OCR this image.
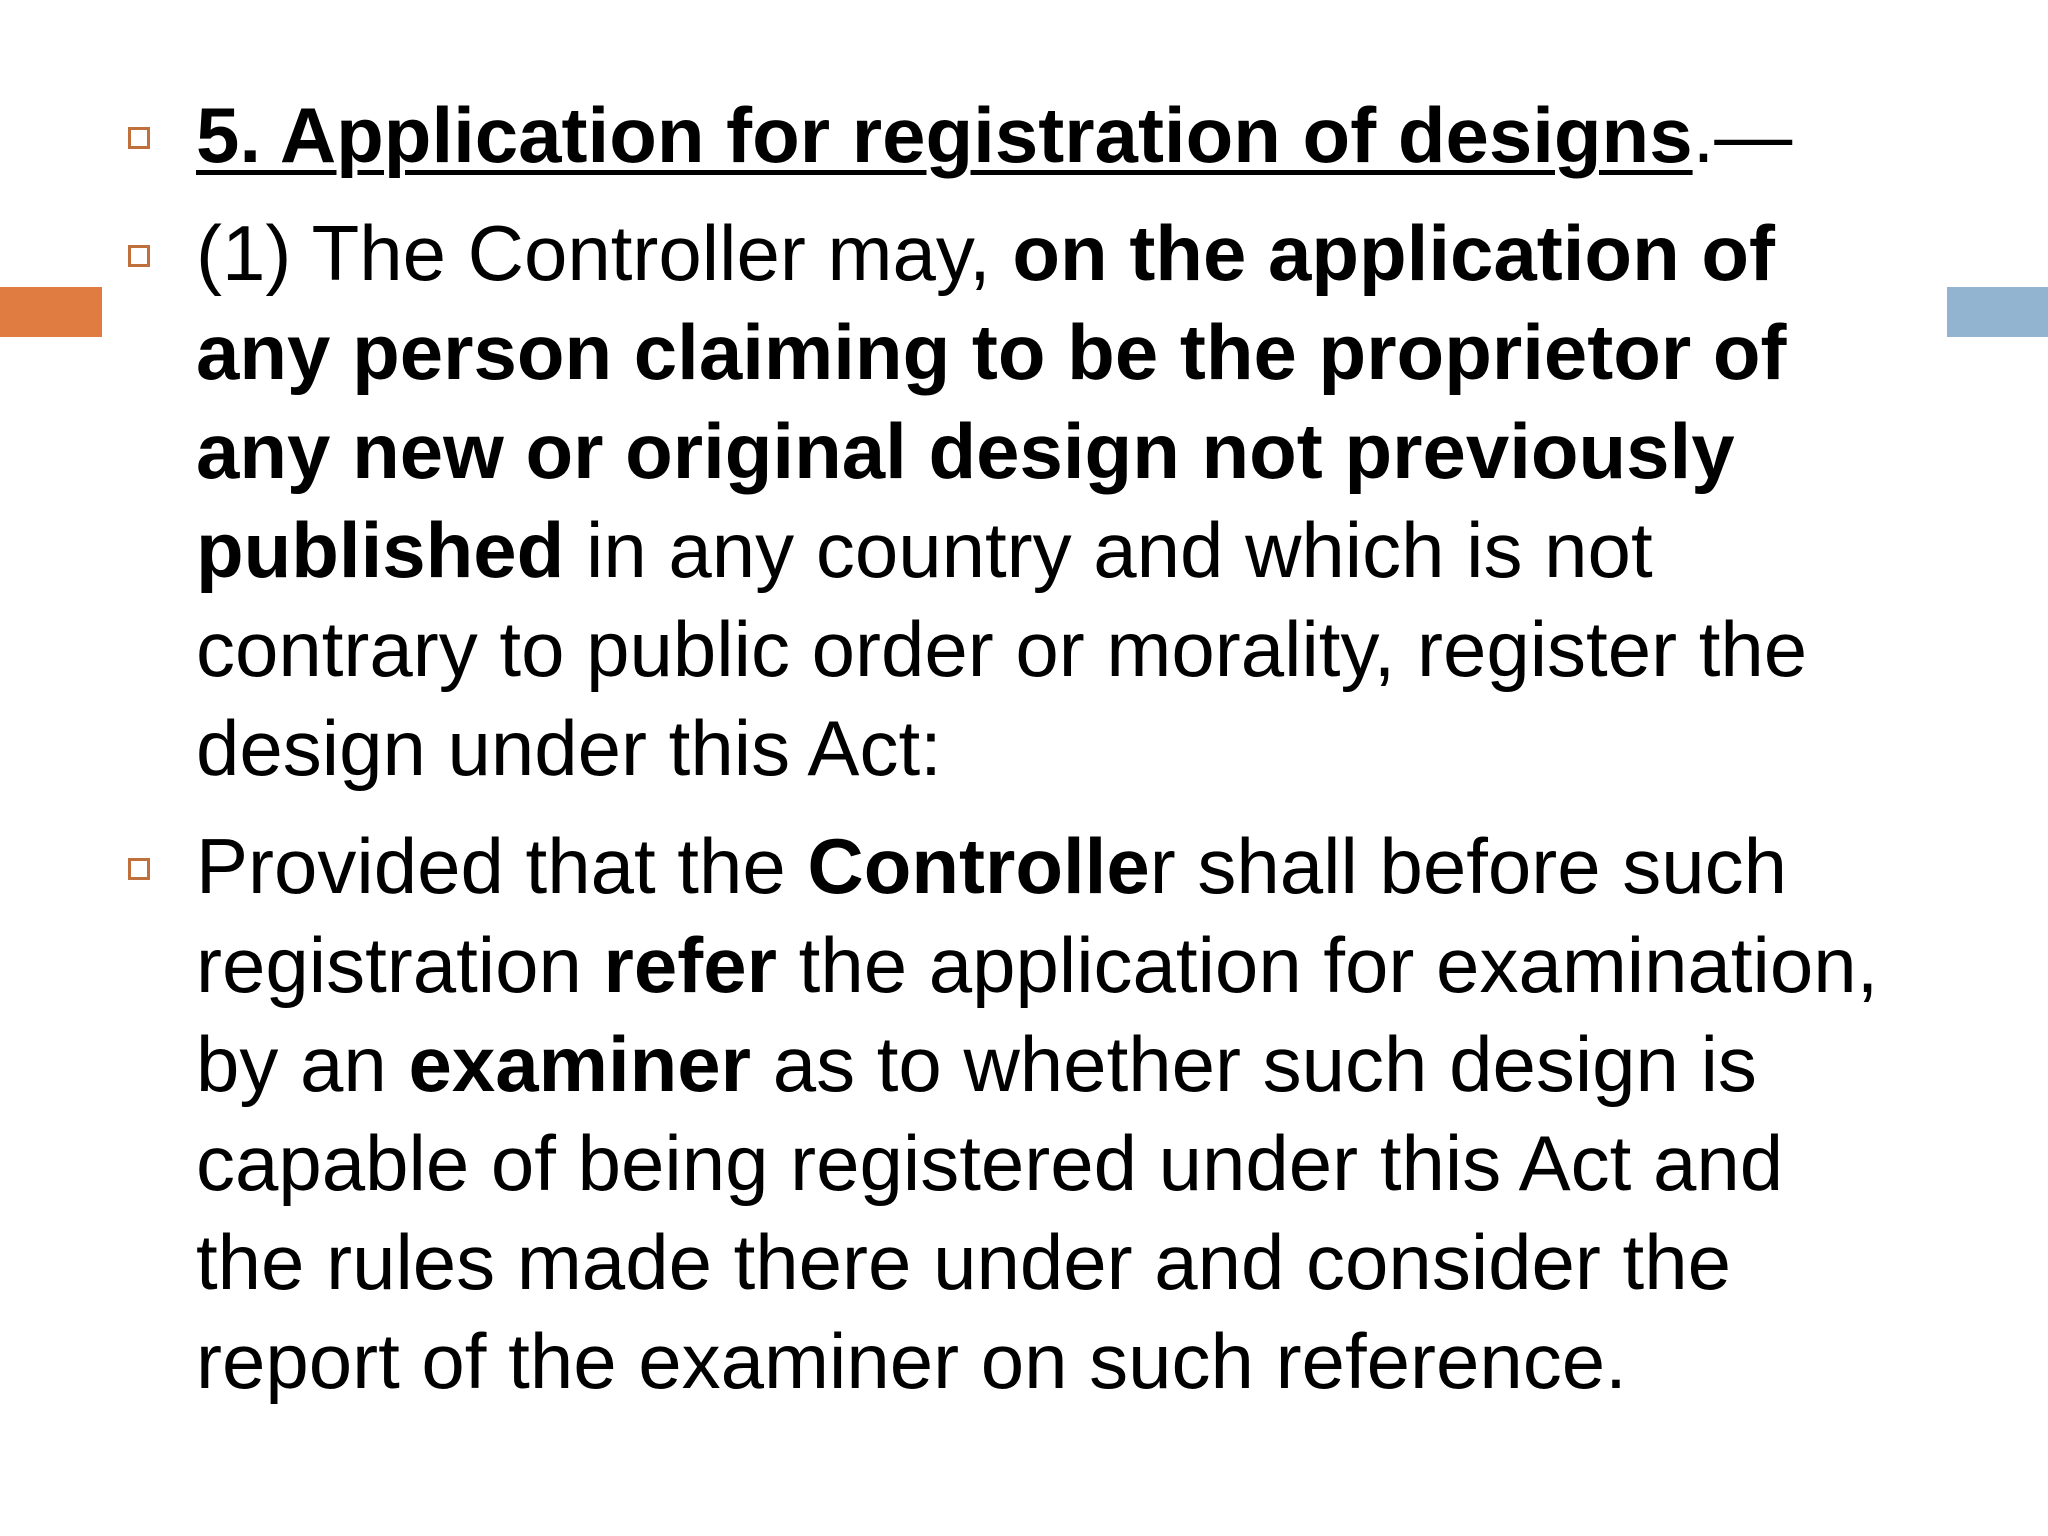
5. Application for registration of designs.—
(1) The Controller may, on the application of any person claiming to be the proprietor of any new or original design not previously published in any country and which is not contrary to public order or morality, register the design under this Act:
Provided that the Controller shall before such registration refer the application for examination, by an examiner as to whether such design is capable of being registered under this Act and the rules made there under and consider the report of the examiner on such reference.
